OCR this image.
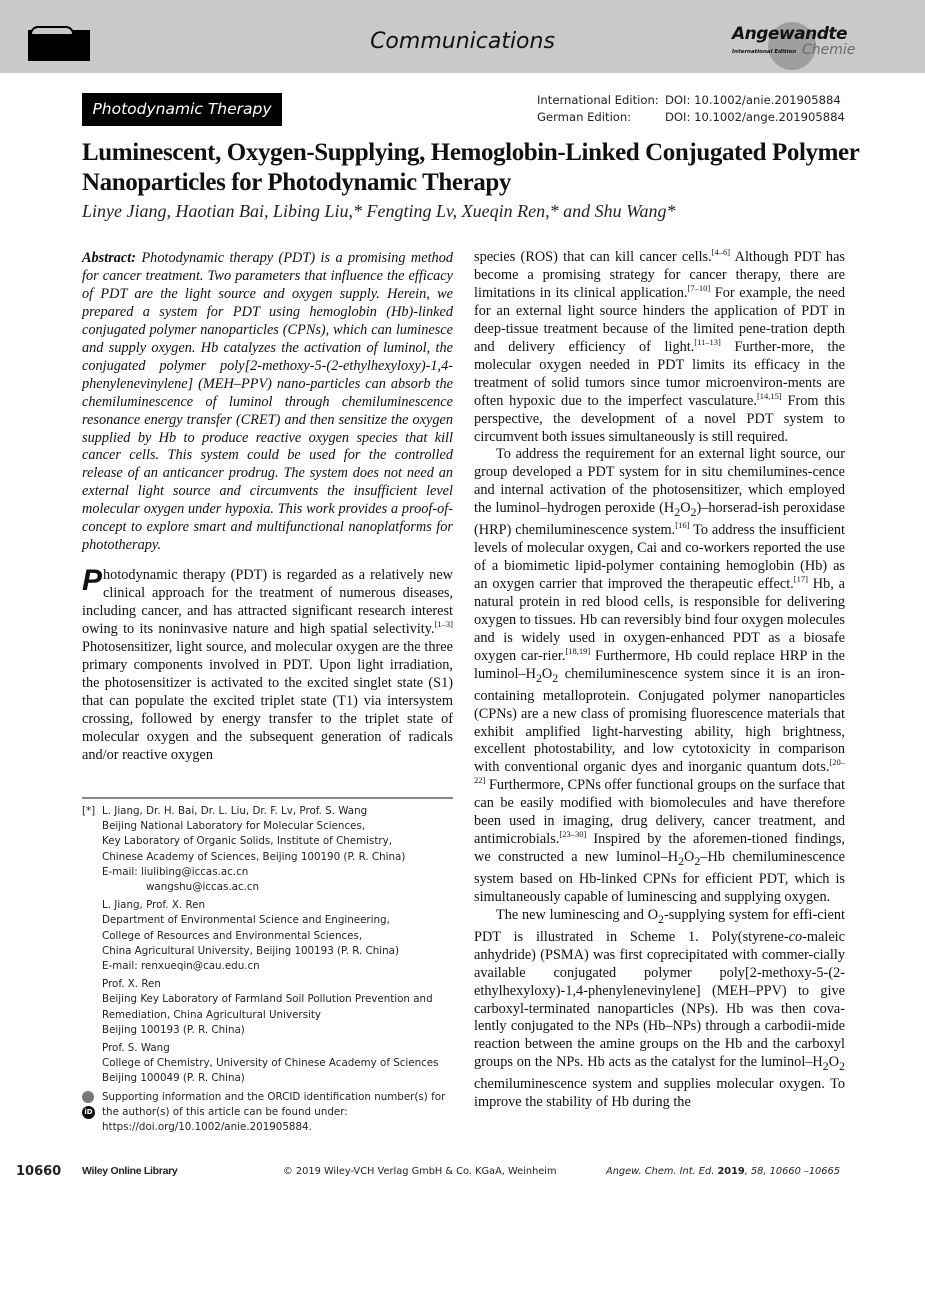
Communications	Angewandte
International Edition Chemie
Photodynamic Therapy	International Edition: DOI: 10.1002/anie.201905884
German Edition:	DOI: 10.1002/ange.201905884
Luminescent, Oxygen-Supplying, Hemoglobin-Linked Conjugated Polymer Nanoparticles for Photodynamic Therapy
Linye Jiang, Haotian Bai, Libing Liu,* Fengting Lv, Xueqin Ren,* and Shu Wang*

Abstract: Photodynamic therapy (PDT) is a promising method for cancer treatment. Two parameters that influence the efficacy of PDT are the light source and oxygen supply. Herein, we prepared a system for PDT using hemoglobin (Hb)-linked conjugated polymer nanoparticles (CPNs), which can luminesce and supply oxygen. Hb catalyzes the activation of luminol, the conjugated polymer poly[2-methoxy-5-(2-ethylhexyloxy)-1,4-phenylenevinylene] (MEH–PPV) nano-particles can absorb the chemiluminescence of luminol through chemiluminescence resonance energy transfer (CRET) and then sensitize the oxygen supplied by Hb to produce reactive oxygen species that kill cancer cells. This system could be used for the controlled release of an anticancer prodrug. The system does not need an external light source and circumvents the insufficient level molecular oxygen under hypoxia. This work provides a proof-of-concept to explore smart and multifunctional nanoplatforms for phototherapy.

Photodynamic therapy (PDT) is regarded as a relatively new clinical approach for the treatment of numerous diseases, including cancer, and has attracted significant research interest owing to its noninvasive nature and high spatial selectivity.[1–3] Photosensitizer, light source, and molecular oxygen are the three primary components involved in PDT. Upon light irradiation, the photosensitizer is activated to the excited singlet state (S1) that can populate the excited triplet state (T1) via intersystem crossing, followed by energy transfer to the triplet state of molecular oxygen and the subsequent generation of radicals and/or reactive oxygen

species (ROS) that can kill cancer cells.[4–6] Although PDT has become a promising strategy for cancer therapy, there are limitations in its clinical application.[7–10] For example, the need for an external light source hinders the application of PDT in deep-tissue treatment because of the limited pene-tration depth and delivery efficiency of light.[11–13] Further-more, the molecular oxygen needed in PDT limits its efficacy in the treatment of solid tumors since tumor microenviron-ments are often hypoxic due to the imperfect vasculature.[14,15] From this perspective, the development of a novel PDT system to circumvent both issues simultaneously is still required.

To address the requirement for an external light source, our group developed a PDT system for in situ chemilumines-cence and internal activation of the photosensitizer, which employed the luminol–hydrogen peroxide $(H_2O_2)-horserad$-ish peroxidase (HRP) chemiluminescence system.[16] To address the insufficient levels of molecular oxygen, Cai and co-workers reported the use of a biomimetic lipid-polymer containing hemoglobin (Hb) as an oxygen carrier that improved the therapeutic effect.[17] Hb, a natural protein in red blood cells, is responsible for delivering oxygen to tissues. Hb can reversibly bind four oxygen molecules and is widely used in oxygen-enhanced PDT as a biosafe oxygen car-rier.[18,19] Furthermore, Hb could replace HRP in the luminol–$H_2O_2$ chemiluminescence system since it is an iron-containing metalloprotein. Conjugated polymer nanoparticles (CPNs) are a new class of promising fluorescence materials that exhibit amplified light-harvesting ability, high brightness, excellent photostability, and low cytotoxicity in comparison with conventional organic dyes and inorganic quantum dots.[20–22] Furthermore, CPNs offer functional groups on the surface that can be easily modified with biomolecules and have therefore been used in imaging, drug delivery, cancer treatment, and antimicrobials.[23–30] Inspired by the aforemen-tioned findings, we constructed a new luminol–$H_2O_2-Hb$ chemiluminescence system based on Hb-linked CPNs for efficient PDT, which is simultaneously capable of luminescing and supplying oxygen.

The new luminescing and $O_2$-supplying system for effi-cient PDT is illustrated in Scheme 1. Poly(styrene-co-maleic anhydride) (PSMA) was first coprecipitated with commer-cially available conjugated polymer poly[2-methoxy-5-(2-ethylhexyloxy)-1,4-phenylenevinylene] (MEH–PPV) to give carboxyl-terminated nanoparticles (NPs). Hb was then cova-lently conjugated to the NPs (Hb–NPs) through a carbodii-mide reaction between the amine groups on the Hb and the carboxyl groups on the NPs. Hb acts as the catalyst for the luminol–$H_2O_2$ chemiluminescence system and supplies molecular oxygen. To improve the stability of Hb during the

[*] L. Jiang, Dr. H. Bai, Dr. L. Liu, Dr. F. Lv, Prof. S. Wang
Beijing National Laboratory for Molecular Sciences,
Key Laboratory of Organic Solids, Institute of Chemistry,
Chinese Academy of Sciences, Beijing 100190 (P. R. China)
E-mail: liulibing@iccas.ac.cn
wangshu@iccas.ac.cn
L. Jiang, Prof. X. Ren
Department of Environmental Science and Engineering,
College of Resources and Environmental Sciences,
China Agricultural University, Beijing 100193 (P. R. China)
E-mail: renxueqin@cau.edu.cn
Prof. X. Ren
Beijing Key Laboratory of Farmland Soil Pollution Prevention and
Remediation, China Agricultural University
Beijing 100193 (P. R. China)
Prof. S. Wang
College of Chemistry, University of Chinese Academy of Sciences
Beijing 100049 (P. R. China)
iD
Supporting information and the ORCID identification number(s) for
the author(s) of this article can be found under:
https://doi.org/10.1002/anie.201905884.
10660 Wiley Online Library	© 2019 Wiley-VCH Verlag GmbH & Co. KGaA, Weinheim	Angew. Chem. Int. Ed. 2019, 58, 10660 –10665
